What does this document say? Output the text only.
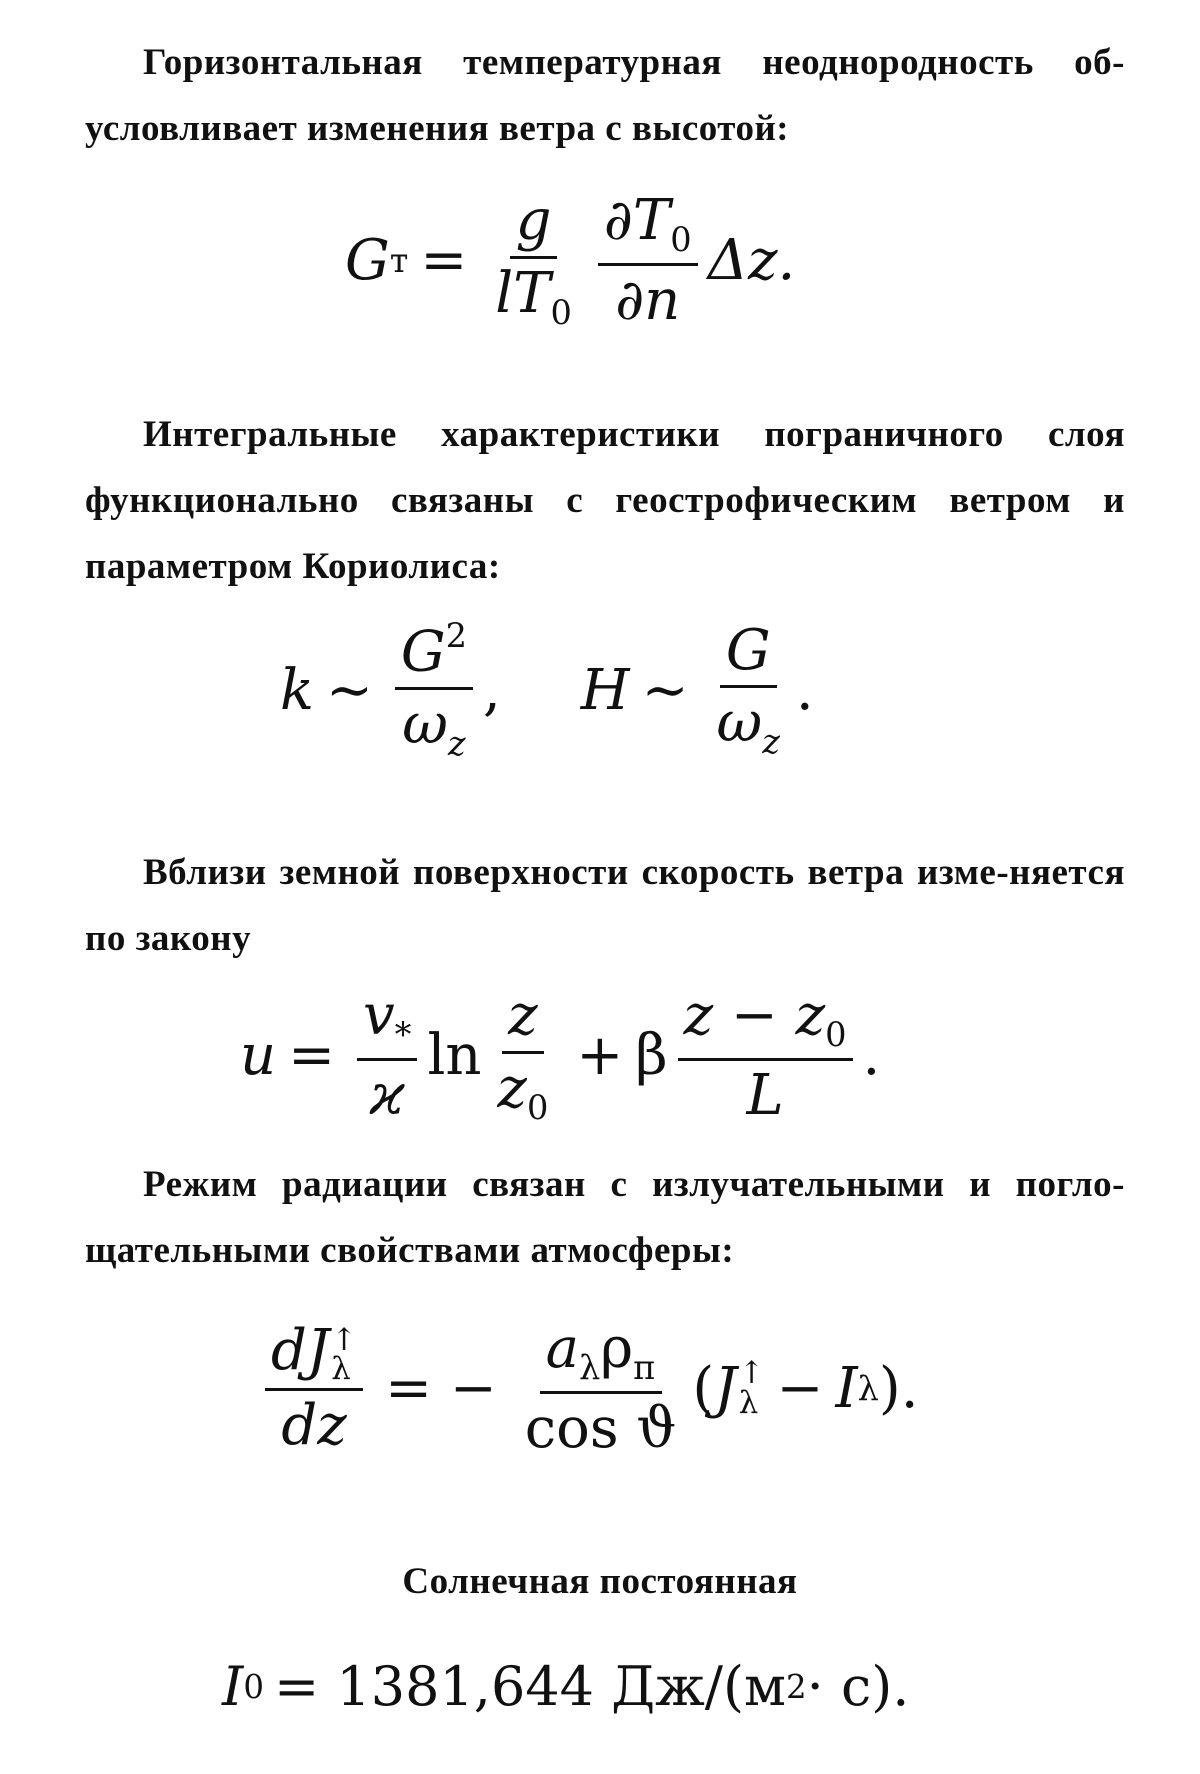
Горизонтальная температурная неоднородность об-условливает изменения ветра с высотой:
G $т = \frac{g}{lT_0} \frac{\partial T_0}{\partial n} \Delta z$.
Интегральные характеристики пограничного слоя функционально связаны с геострофическим ветром и параметром Кориолиса:
k ∼ $\frac{G^2}{\omega_z}$ , H ∼ $\frac{G}{\omega_z}$ .
Вблизи земной поверхности скорость ветра изме-няется по закону
$u = \frac{v_*}{ϰ}$ $\ln \frac{z}{z_0} + \beta \frac{z - z_0}{L}$ .
Режим радиации связан с излучательными и погло-щательными свойствами атмосферы:
dJ ↑
λ
dz = − $\frac{a_\lambda\rho_п}{\text{cos ϑ}}$ ( J ↑
λ − I λ ).
Солнечная постоянная
I 0 = 1381,644 Дж/(м 2 · с).
